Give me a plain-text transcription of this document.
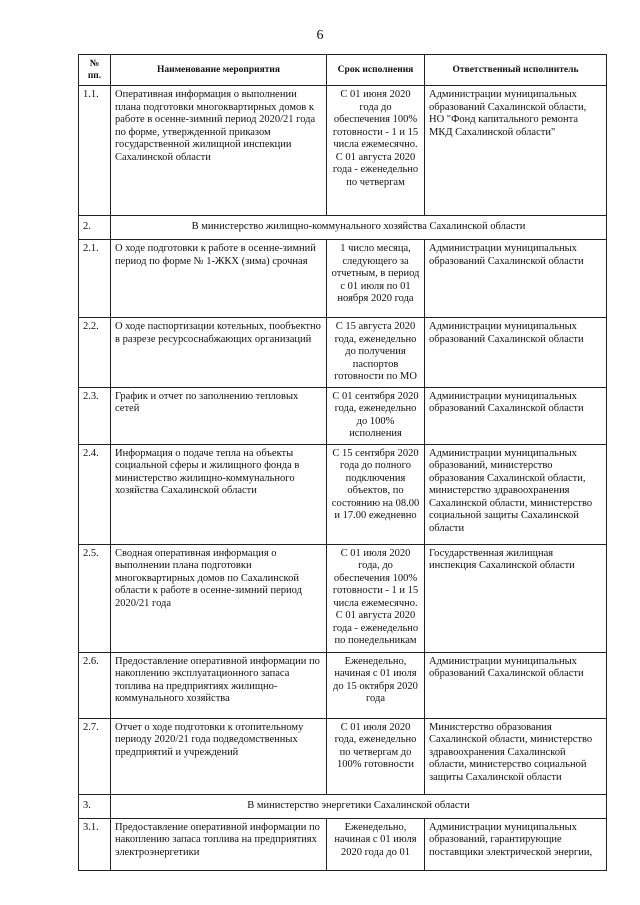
6
№ пп.	Наименование мероприятия	Срок исполнения	Ответственный исполнитель
1.1.	Оперативная информация о выполнении плана подготовки многоквартирных домов к работе в осенне-зимний период 2020/21 года по форме, утвержденной приказом государственной жилищной инспекции Сахалинской области	С 01 июня 2020 года до обеспечения 100% готовности - 1 и 15 числа ежемесячно. С 01 августа 2020 года - еженедельно по четвергам	Администрации муниципальных образований Сахалинской области, НО "Фонд капитального ремонта МКД Сахалинской области"
2.	В министерство жилищно-коммунального хозяйства Сахалинской области		
2.1.	О ходе подготовки к работе в осенне-зимний период по форме № 1-ЖКХ (зима) срочная	1 число месяца, следующего за отчетным, в период с 01 июля по 01 ноября 2020 года	Администрации муниципальных образований Сахалинской области
2.2.	О ходе паспортизации котельных, пообъектно в разрезе ресурсоснабжающих организаций	С 15 августа 2020 года, еженедельно до получения паспортов готовности по МО	Администрации муниципальных образований Сахалинской области
2.3.	График и отчет по заполнению тепловых сетей	С 01 сентября 2020 года, еженедельно до 100% исполнения	Администрации муниципальных образований Сахалинской области
2.4.	Информация о подаче тепла на объекты социальной сферы и жилищного фонда в министерство жилищно-коммунального хозяйства Сахалинской области	С 15 сентября 2020 года до полного подключения объектов, по состоянию на 08.00 и 17.00 ежедневно	Администрации муниципальных образований, министерство образования Сахалинской области, министерство здравоохранения Сахалинской области, министерство социальной защиты Сахалинской области
2.5.	Сводная оперативная информация о выполнении плана подготовки многоквартирных домов по Сахалинской области к работе в осенне-зимний период 2020/21 года	С 01 июля 2020 года, до обеспечения 100% готовности - 1 и 15 числа ежемесячно. С 01 августа 2020 года - еженедельно по понедельникам	Государственная жилищная инспекция Сахалинской области
2.6.	Предоставление оперативной информации по накоплению эксплуатационного запаса топлива на предприятиях жилищно-коммунального хозяйства	Еженедельно, начиная с 01 июля до 15 октября 2020 года	Администрации муниципальных образований Сахалинской области
2.7.	Отчет о ходе подготовки к отопительному периоду 2020/21 года подведомственных предприятий и учреждений	С 01 июля 2020 года, еженедельно по четвергам до 100% готовности	Министерство образования Сахалинской области, министерство здравоохранения Сахалинской области, министерство социальной защиты Сахалинской области
3.	В министерство энергетики Сахалинской области		
3.1.	Предоставление оперативной информации по накоплению запаса топлива на предприятиях электроэнергетики	Еженедельно, начиная с 01 июля 2020 года до 01	Администрации муниципальных образований, гарантирующие поставщики электрической энергии,
